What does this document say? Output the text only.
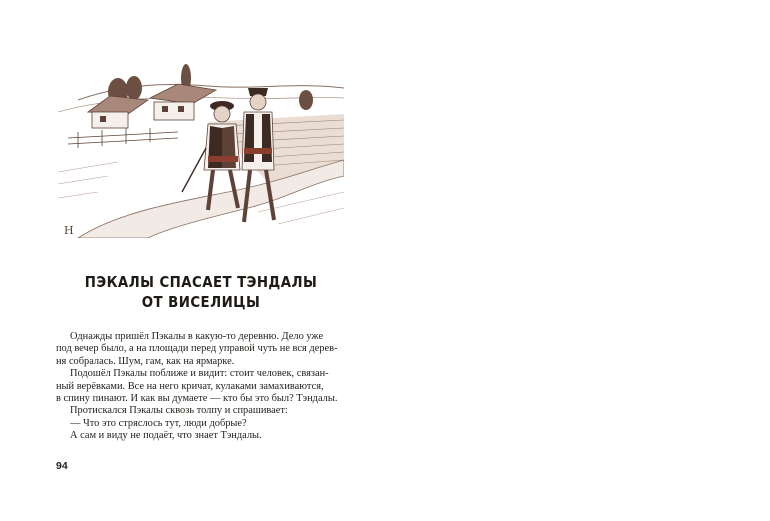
Н
ПЭКАЛЫ СПАСАЕТ ТЭНДАЛЫ
ОТ ВИСЕЛИЦЫ

Однажды пришёл Пэкалы в какую-то деревню. Дело уже

под вечер было, а на площади перед управой чуть не вся дерев-

ня собралась. Шум, гам, как на ярмарке.

Подошёл Пэкалы поближе и видит: стоит человек, связан-

ный верёвками. Все на него кричат, кулаками замахиваются,

в спину пинают. И как вы думаете — кто бы это был? Тэндалы.

Протискался Пэкалы сквозь толпу и спрашивает:

— Что это стряслось тут, люди добрые?

А сам и виду не подаёт, что знает Тэндалы.

94
